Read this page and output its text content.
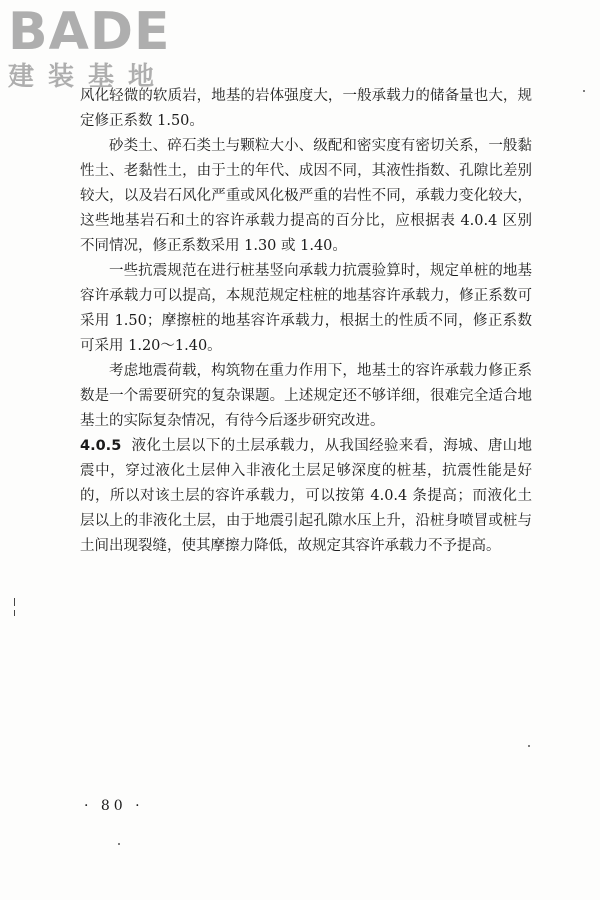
BADE
建装基地

风化轻微的软质岩，地基的岩体强度大，一般承载力的储备量也大，规定修正系数 1.50。

砂类土、碎石类土与颗粒大小、级配和密实度有密切关系，一般黏性土、老黏性土，由于土的年代、成因不同，其液性指数、孔隙比差别较大，以及岩石风化严重或风化极严重的岩性不同，承载力变化较大，这些地基岩石和土的容许承载力提高的百分比，应根据表 4.0.4 区别不同情况，修正系数采用 1.30 或 1.40。

一些抗震规范在进行桩基竖向承载力抗震验算时，规定单桩的地基容许承载力可以提高，本规范规定柱桩的地基容许承载力，修正系数可采用 1.50；摩擦桩的地基容许承载力，根据土的性质不同，修正系数可采用 1.20～1.40。

考虑地震荷载，构筑物在重力作用下，地基土的容许承载力修正系数是一个需要研究的复杂课题。上述规定还不够详细，很难完全适合地基土的实际复杂情况，有待今后逐步研究改进。

4.0.5 液化土层以下的土层承载力，从我国经验来看，海城、唐山地震中，穿过液化土层伸入非液化土层足够深度的桩基，抗震性能是好的，所以对该土层的容许承载力，可以按第 4.0.4 条提高；而液化土层以上的非液化土层，由于地震引起孔隙水压上升，沿桩身喷冒或桩与土间出现裂缝，使其摩擦力降低，故规定其容许承载力不予提高。

· 80 ·
